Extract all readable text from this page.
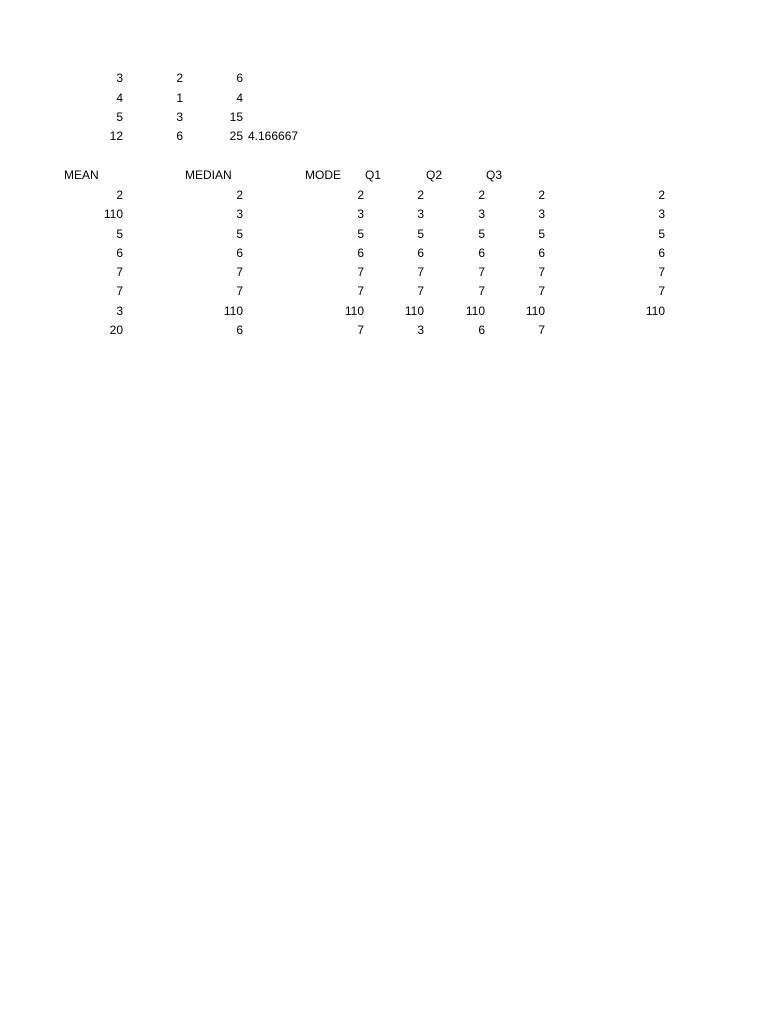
3	2	6
4	1	4
5	3	15
12	6	25 4.166667
MEAN	MEDIAN	MODE	Q1	Q2	Q3
2	2	2	2	2	2	2
110	3	3	3	3	3	3
5	5	5	5	5	5	5
6	6	6	6	6	6	6
7	7	7	7	7	7	7
7	7	7	7	7	7	7
3	110	110	110	110	110	110
20	6	7	3	6	7
